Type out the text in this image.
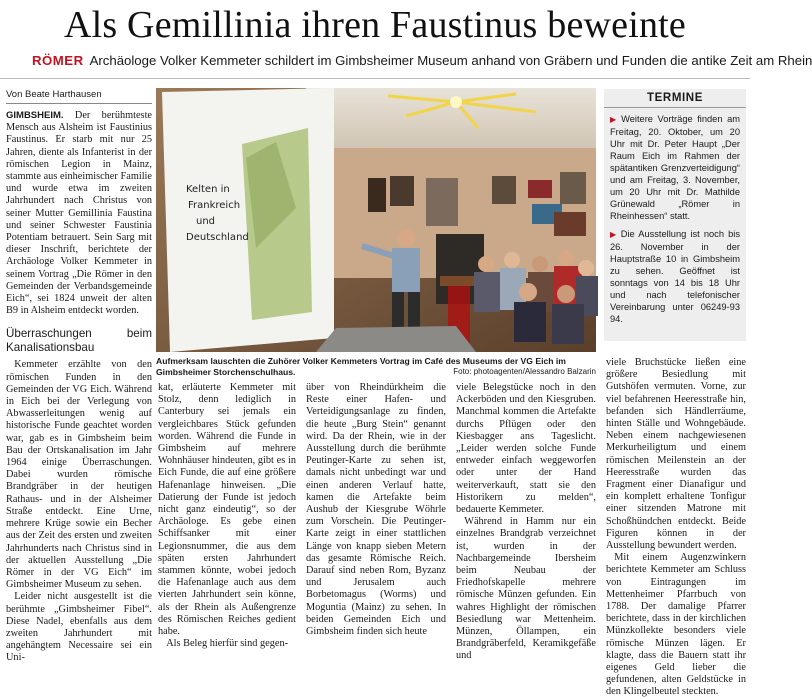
Als Gemillinia ihren Faustinus beweinte
RÖMER Archäologe Volker Kemmeter schildert im Gimbsheimer Museum anhand von Gräbern und Funden die antike Zeit am Rhein
Von Beate Harthausen

GIMBSHEIM. Der berühmteste Mensch aus Alsheim ist Faustinius Faustinus. Er starb mit nur 25 Jahren, diente als Infanterist in der römischen Legion in Mainz, stammte aus einheimischer Familie und wurde etwa im zweiten Jahrhundert nach Christus von seiner Mutter Gemillinia Faustina und seiner Schwester Faustinia Potentiam betrauert. Sein Sarg mit dieser Inschrift, berichtete der Archäologe Volker Kemmeter in seinem Vortrag „Die Römer in den Gemeinden der Verbandsgemeinde Eich“, sei 1824 unweit der alten B9 in Alsheim entdeckt worden.

Überraschungen beim Kanalisationsbau

Kemmeter erzählte von den römischen Funden in den Gemeinden der VG Eich. Während in Eich bei der Verlegung von Abwasserleitungen wenig auf historische Funde geachtet worden war, gab es in Gimbsheim beim Bau der Ortskanalisation im Jahr 1964 einige Überraschungen. Dabei wurden römische Brandgräber in der heutigen Rathaus- und in der Alsheimer Straße entdeckt. Eine Urne, mehrere Krüge sowie ein Becher aus der Zeit des ersten und zweiten Jahrhunderts nach Christus sind in der aktuellen Ausstellung „Die Römer in der VG Eich“ im Gimbsheimer Museum zu sehen.

Leider nicht ausgestellt ist die berühmte „Gimbsheimer Fibel“. Diese Nadel, ebenfalls aus dem zweiten Jahrhundert mit angehängtem Necessaire sei ein Uni-

Kelten in
Frankreich
und
Deutschland
Aufmerksam lauschten die Zuhörer Volker Kemmeters Vortrag im Café des Museums der VG Eich im Gimbsheimer Storchenschulhaus.	Foto: photoagenten/Alessandro Balzarin
TERMINE
▶ Weitere Vorträge finden am Freitag, 20. Oktober, um 20 Uhr mit Dr. Peter Haupt „Der Raum Eich im Rahmen der spätantiken Grenzverteidigung“ und am Freitag, 3. November, um 20 Uhr mit Dr. Mathilde Grünewald „Römer in Rheinhessen“ statt.
▶ Die Ausstellung ist noch bis 26. November in der Hauptstraße 10 in Gimbsheim zu sehen. Geöffnet ist sonntags von 14 bis 18 Uhr und nach telefonischer Vereinbarung unter 06249-93 94.

kat, erläuterte Kemmeter mit Stolz, denn lediglich in Canterbury sei jemals ein vergleichbares Stück gefunden worden. Während die Funde in Gimbsheim auf mehrere Wohnhäuser hindeuten, gibt es in Eich Funde, die auf eine größere Hafenanlage hinweisen. „Die Datierung der Funde ist jedoch nicht ganz eindeutig“, so der Archäologe. Es gebe einen Schiffsanker mit einer Legionsnummer, die aus dem späten ersten Jahrhundert stammen könnte, wobei jedoch die Hafenanlage auch aus dem vierten Jahrhundert sein könne, als der Rhein als Außengrenze des Römischen Reiches gedient habe.

Als Beleg hierfür sind gegen-

über von Rheindürkheim die Reste einer Hafen- und Verteidigungsanlage zu finden, die heute „Burg Stein“ genannt wird. Da der Rhein, wie in der Ausstellung durch die berühmte Peutinger-Karte zu sehen ist, damals nicht unbedingt war und einen anderen Verlauf hatte, kamen die Artefakte beim Aushub der Kiesgrube Wöhrle zum Vorschein. Die Peutinger-Karte zeigt in einer stattlichen Länge von knapp sieben Metern das gesamte Römische Reich. Darauf sind neben Rom, Byzanz und Jerusalem auch Borbetomagus (Worms) und Moguntia (Mainz) zu sehen. In beiden Gemeinden Eich und Gimbsheim finden sich heute

viele Belegstücke noch in den Ackerböden und den Kiesgruben. Manchmal kommen die Artefakte durchs Pflügen oder den Kiesbagger ans Tageslicht. „Leider werden solche Funde entweder einfach weggeworfen oder unter der Hand weiterverkauft, statt sie den Historikern zu melden“, bedauerte Kemmeter.

Während in Hamm nur ein einzelnes Brandgrab verzeichnet ist, wurden in der Nachbargemeinde Ibersheim beim Neubau der Friedhofskapelle mehrere römische Münzen gefunden. Ein wahres Highlight der römischen Besiedlung war Mettenheim. Münzen, Öllampen, ein Brandgräberfeld, Keramikgefäße und

viele Bruchstücke ließen eine größere Besiedlung mit Gutshöfen vermuten. Vorne, zur viel befahrenen Heeresstraße hin, befanden sich Händlerräume, hinten Ställe und Wohngebäude. Neben einem nachgewiesenen Merkurheiligtum und einem römischen Meilenstein an der Heeresstraße wurden das Fragment einer Dianafigur und ein komplett erhaltene Tonfigur einer sitzenden Matrone mit Schoßhündchen entdeckt. Beide Figuren können in der Ausstellung bewundert werden.

Mit einem Augenzwinkern berichtete Kemmeter am Schluss von Eintragungen im Mettenheimer Pfarrbuch von 1788. Der damalige Pfarrer berichtete, dass in der kirchlichen Münzkollekte besonders viele römische Münzen lägen. Er klagte, dass die Bauern statt ihr eigenes Geld lieber die gefundenen, alten Geldstücke in den Klingelbeutel steckten.
